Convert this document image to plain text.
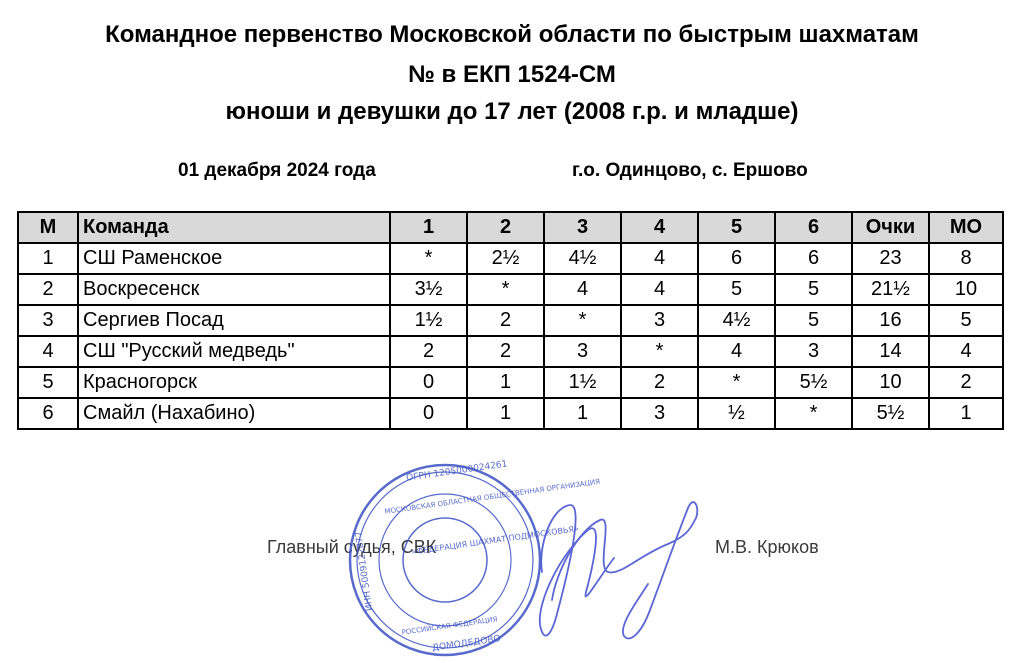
Командное первенство Московской области по быстрым шахматам
№ в ЕКП 1524-СМ
юноши и девушки до 17 лет (2008 г.р. и младше)
01 декабря 2024 года	г.о. Одинцово, с. Ершово
М	Команда	1	2	3	4	5	6	Очки	МО
1	СШ Раменское	*	2½	4½	4	6	6	23	8
2	Воскресенск	3½	*	4	4	5	5	21½	10
3	Сергиев Посад	1½	2	*	3	4½	5	16	5
4	СШ "Русский медведь"	2	2	3	*	4	3	14	4
5	Красногорск	0	1	1½	2	*	5½	10	2
6	Смайл (Нахабино)	0	1	1	3	½	*	5½	1
Главный судья, СВК	М.В. Крюков
ОГРН 1205000024261
МОСКОВСКАЯ ОБЛАСТНАЯ ОБЩЕСТВЕННАЯ ОРГАНИЗАЦИЯ
«ФЕДЕРАЦИЯ ШАХМАТ ПОДМОСКОВЬЯ»
РОССИЙСКАЯ ФЕДЕРАЦИЯ
ДОМОДЕДОВО
ИНН 5009122877
